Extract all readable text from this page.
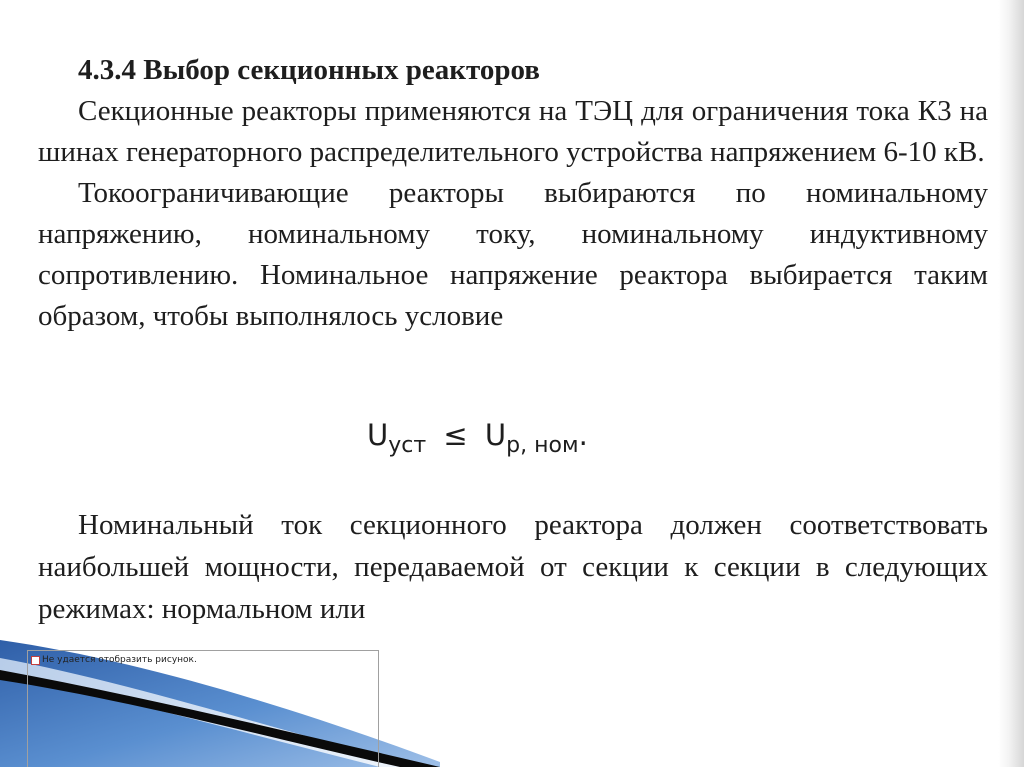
4.3.4 Выбор секционных реакторов

Секционные реакторы применяются на ТЭЦ для ограничения тока К3 на шинах генераторного распределительного устройства напряжением 6-10 кВ.

Токоограничивающие реакторы выбираются по номинальному напряжению, номинальному току, номинальному индуктивному сопротивлению. Номинальное напряжение реактора выбирается таким образом, чтобы выполнялось условие

$U_{уст} \le U_{р, ном}$.

Номинальный ток секционного реактора должен соответствовать наибольшей мощности, передаваемой от секции к секции в следующих режимах: нормальном или

Не удается отобразить рисунок.
